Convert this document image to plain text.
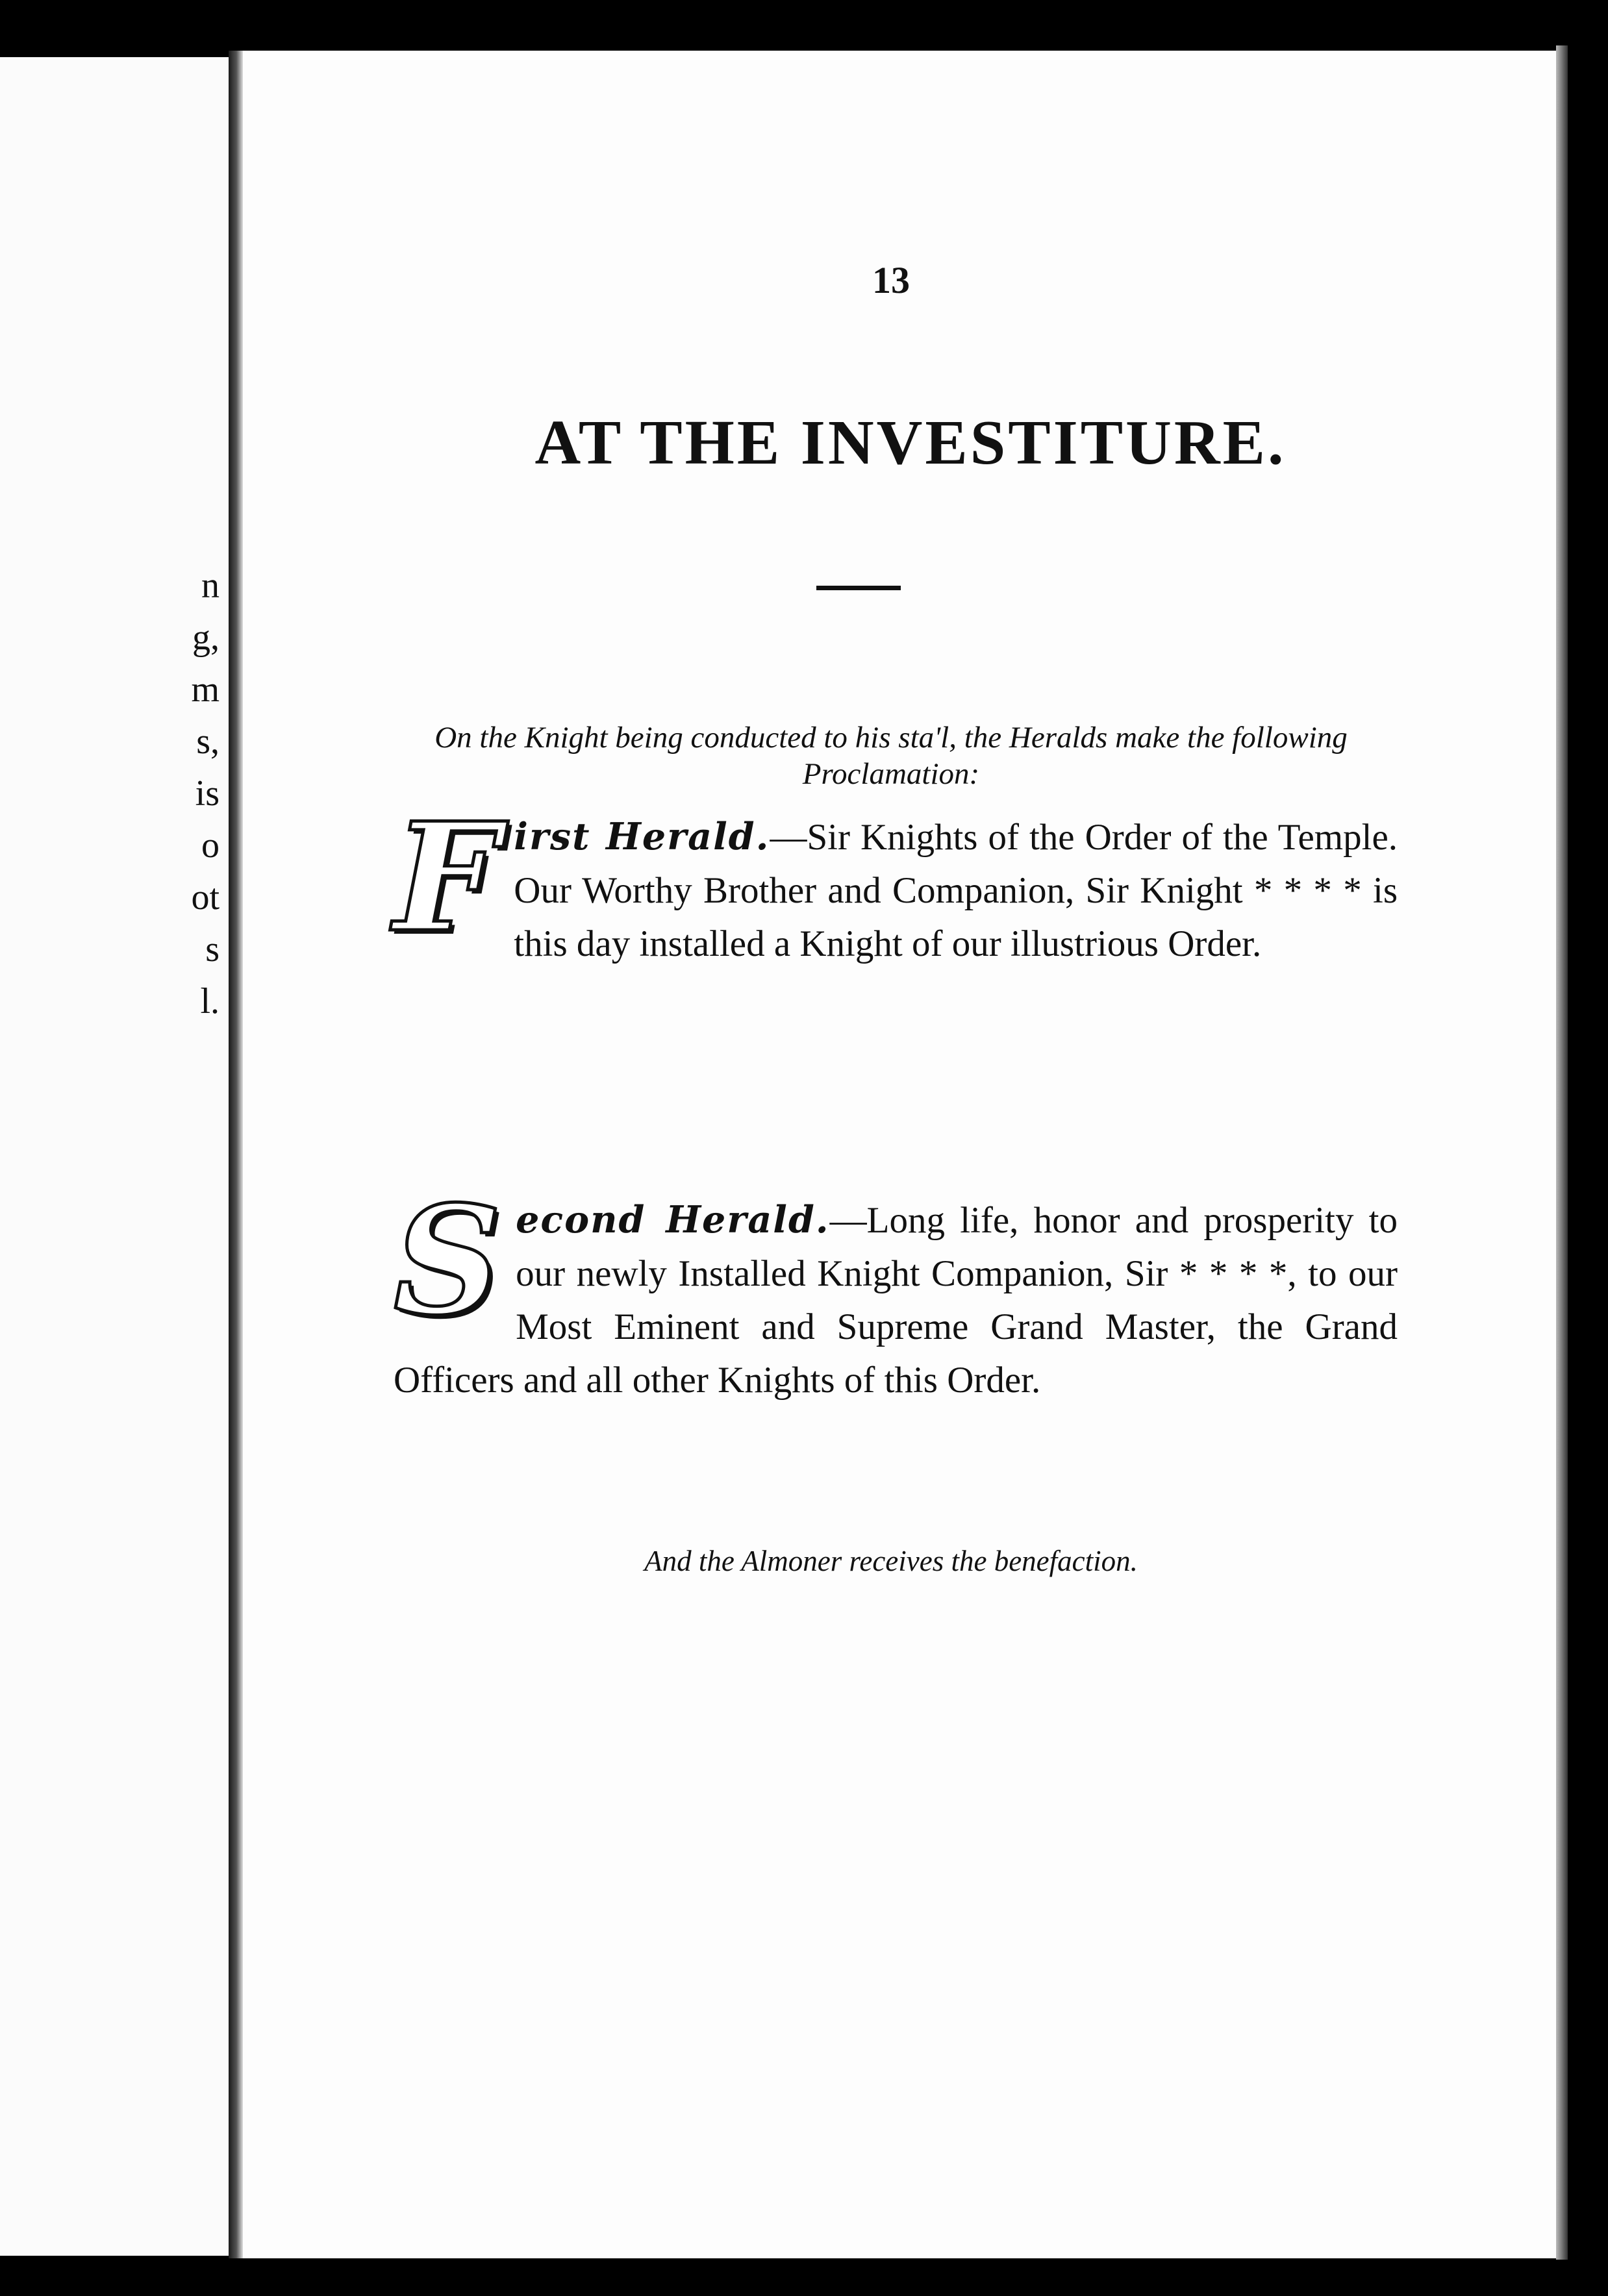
n
g,
m
s,
is
o
ot
s
l.
13
AT THE INVESTITURE.
On the Knight being conducted to his sta'l, the Heralds make the following Proclamation:
First Herald.—Sir Knights of the Order of the Temple. Our Worthy Brother and Companion, Sir Knight * * * * is this day installed a Knight of our illustrious Order.
Second Herald.—Long life, honor and prosperity to our newly Installed Knight Companion, Sir * * * *, to our Most Eminent and Supreme Grand Master, the Grand Officers and all other Knights of this Order.
And the Almoner receives the benefaction.
